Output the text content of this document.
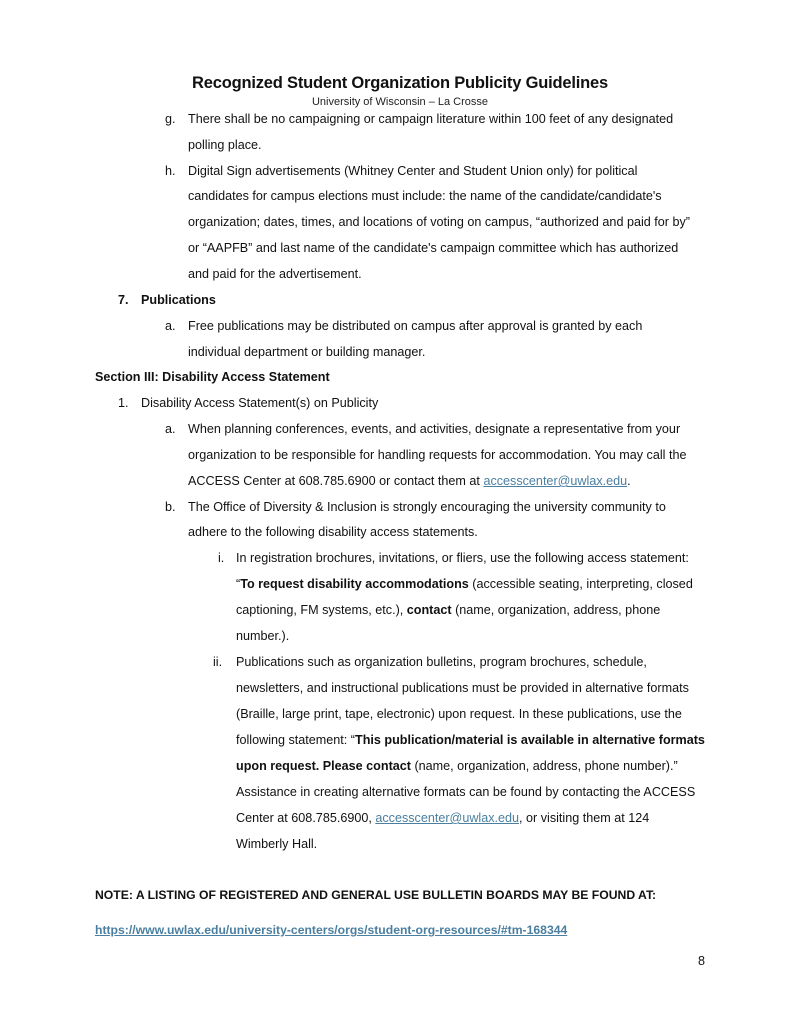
Recognized Student Organization Publicity Guidelines
University of Wisconsin – La Crosse
g. There shall be no campaigning or campaign literature within 100 feet of any designated
polling place.
h. Digital Sign advertisements (Whitney Center and Student Union only) for political
candidates for campus elections must include: the name of the candidate/candidate's
organization; dates, times, and locations of voting on campus, “authorized and paid for by”
or “AAPFB” and last name of the candidate's campaign committee which has authorized
and paid for the advertisement.
7. Publications
a. Free publications may be distributed on campus after approval is granted by each
individual department or building manager.
Section III: Disability Access Statement
1. Disability Access Statement(s) on Publicity
a. When planning conferences, events, and activities, designate a representative from your
organization to be responsible for handling requests for accommodation. You may call the
ACCESS Center at 608.785.6900 or contact them at accesscenter@uwlax.edu.
b. The Office of Diversity & Inclusion is strongly encouraging the university community to
adhere to the following disability access statements.
i. In registration brochures, invitations, or fliers, use the following access statement:
“To request disability accommodations (accessible seating, interpreting, closed
captioning, FM systems, etc.), contact (name, organization, address, phone
number.).
ii. Publications such as organization bulletins, program brochures, schedule,
newsletters, and instructional publications must be provided in alternative formats
(Braille, large print, tape, electronic) upon request. In these publications, use the
following statement: “This publication/material is available in alternative formats
upon request. Please contact (name, organization, address, phone number).”
Assistance in creating alternative formats can be found by contacting the ACCESS
Center at 608.785.6900, accesscenter@uwlax.edu, or visiting them at 124
Wimberly Hall.
NOTE: A LISTING OF REGISTERED AND GENERAL USE BULLETIN BOARDS MAY BE FOUND AT:
https://www.uwlax.edu/university-centers/orgs/student-org-resources/#tm-168344
8
